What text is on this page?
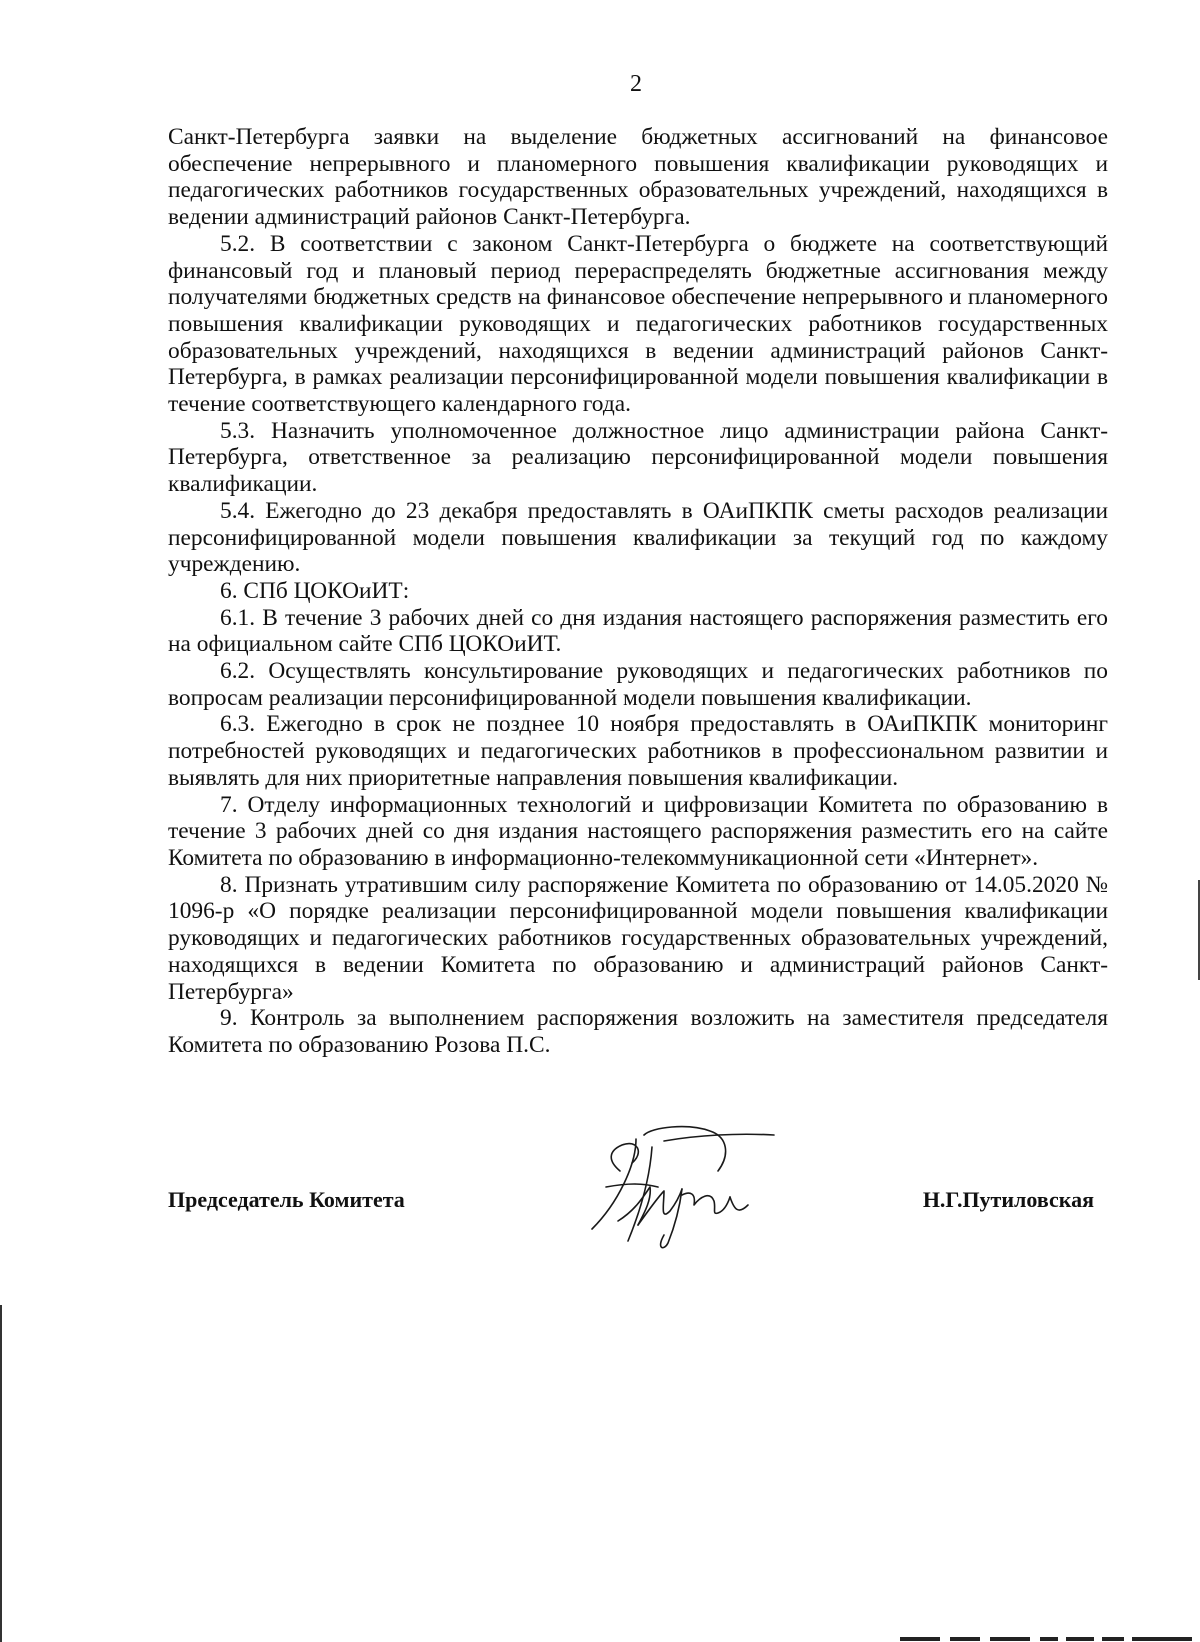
2

Санкт-Петербурга заявки на выделение бюджетных ассигнований на финансовое обеспечение непрерывного и планомерного повышения квалификации руководящих и педагогических работников государственных образовательных учреждений, находящихся в ведении администраций районов Санкт-Петербурга.

5.2. В соответствии с законом Санкт-Петербурга о бюджете на соответствующий финансовый год и плановый период перераспределять бюджетные ассигнования между получателями бюджетных средств на финансовое обеспечение непрерывного и планомерного повышения квалификации руководящих и педагогических работников государственных образовательных учреждений, находящихся в ведении администраций районов Санкт-Петербурга, в рамках реализации персонифицированной модели повышения квалификации в течение соответствующего календарного года.

5.3. Назначить уполномоченное должностное лицо администрации района Санкт-Петербурга, ответственное за реализацию персонифицированной модели повышения квалификации.

5.4. Ежегодно до 23 декабря предоставлять в ОАиПКПК сметы расходов реализации персонифицированной модели повышения квалификации за текущий год по каждому учреждению.

6. СПб ЦОКОиИТ:

6.1. В течение 3 рабочих дней со дня издания настоящего распоряжения разместить его на официальном сайте СПб ЦОКОиИТ.

6.2. Осуществлять консультирование руководящих и педагогических работников по вопросам реализации персонифицированной модели повышения квалификации.

6.3. Ежегодно в срок не позднее 10 ноября предоставлять в ОАиПКПК мониторинг потребностей руководящих и педагогических работников в профессиональном развитии и выявлять для них приоритетные направления повышения квалификации.

7. Отделу информационных технологий и цифровизации Комитета по образованию в течение 3 рабочих дней со дня издания настоящего распоряжения разместить его на сайте Комитета по образованию в информационно-телекоммуникационной сети «Интернет».

8. Признать утратившим силу распоряжение Комитета по образованию от 14.05.2020 № 1096-р «О порядке реализации персонифицированной модели повышения квалификации руководящих и педагогических работников государственных образовательных учреждений, находящихся в ведении Комитета по образованию и администраций районов Санкт-Петербурга»

9. Контроль за выполнением распоряжения возложить на заместителя председателя Комитета по образованию Розова П.С.

Председатель Комитета	Н.Г.Путиловская
